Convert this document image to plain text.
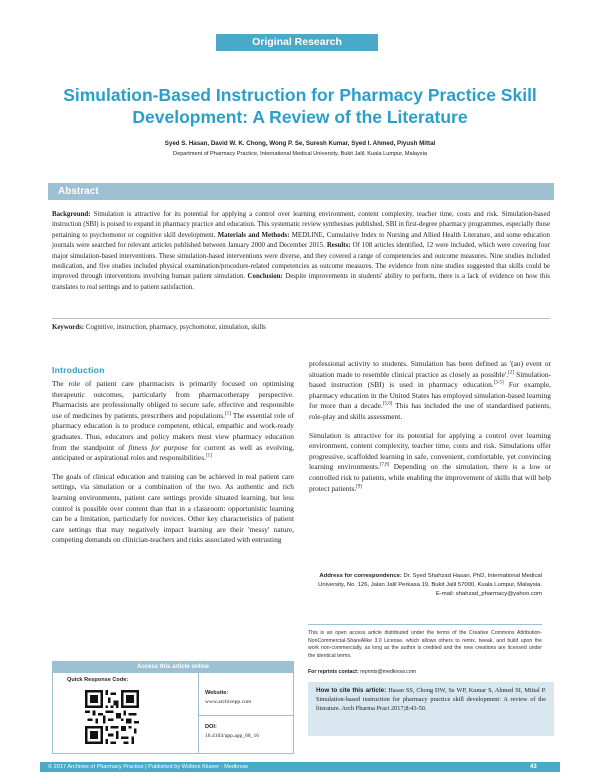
Original Research
Simulation-Based Instruction for Pharmacy Practice Skill Development: A Review of the Literature
Syed S. Hasan, David W. K. Chong, Wong P. Se, Suresh Kumar, Syed I. Ahmed, Piyush Mittal
Department of Pharmacy Practice, International Medical University, Bukit Jalil, Kuala Lumpur, Malaysia
Abstract
Background: Simulation is attractive for its potential for applying a control over learning environment, content complexity, teacher time, costs and risk. Simulation-based instruction (SBI) is poised to expand in pharmacy practice and education. This systematic review synthesises published, SBI in first-degree pharmacy programmes, especially those pertaining to psychomotor or cognitive skill development. Materials and Methods: MEDLINE, Cumulative Index to Nursing and Allied Health Literature, and some education journals were searched for relevant articles published between January 2000 and December 2015. Results: Of 108 articles identified, 12 were included, which were covering four major simulation-based interventions. These simulation-based interventions were diverse, and they covered a range of competencies and outcome measures. Nine studies included medication, and five studies included physical examination/procedure-related competencies as outcome measures. The evidence from nine studies suggested that skills could be improved through interventions involving human patient simulation. Conclusion: Despite improvements in students' ability to perform, there is a lack of evidence on how this translates to real settings and to patient satisfaction.
Keywords: Cognitive, instruction, pharmacy, psychomotor, simulation, skills
Introduction

The role of patient care pharmacists is primarily focused on optimising therapeutic outcomes, particularly from pharmacotherapy perspective. Pharmacists are professionally obliged to secure safe, effective and responsible use of medicines by patients, prescribers and populations.[1] The essential role of pharmacy education is to produce competent, ethical, empathic and work-ready graduates. Thus, educators and policy makers must view pharmacy education from the standpoint of fitness for purpose for current as well as evolving, anticipated or aspirational roles and responsibilities.[1]

The goals of clinical education and training can be achieved in real patient care settings, via simulation or a combination of the two. As authentic and rich learning environments, patient care settings provide situated learning, but less control is possible over content than that in a classroom: opportunistic learning can be a limitation, particularly for novices. Other key characteristics of patient care settings that may negatively impact learning are their 'messy' nature, competing demands on clinician-teachers and risks associated with entrusting

professional activity to students. Simulation has been defined as '(an) event or situation made to resemble clinical practice as closely as possible'.[2] Simulation-based instruction (SBI) is used in pharmacy education.[3-5] For example, pharmacy education in the United States has employed simulation-based learning for more than a decade.[5,6] This has included the use of standardised patients, role-play and skills assessment.

Simulation is attractive for its potential for applying a control over learning environment, content complexity, teacher time, costs and risk. Simulations offer progressive, scaffolded learning in safe, convenient, comfortable, yet convincing learning environments.[7,8] Depending on the simulation, there is a low or controlled risk to patients, while enabling the improvement of skills that will help protect patients.[9]

Address for correspondence: Dr. Syed Shahzad Hasan, PhD, International Medical University, No. 126, Jalan Jalil Perkasa 19, Bukit Jalil 57000, Kuala Lumpur, Malaysia.
E-mail: shahzad_pharmacy@yahoo.com
This is an open access article distributed under the terms of the Creative Commons Attribution-NonCommercial-ShareAlike 3.0 License, which allows others to remix, tweak, and build upon the work non-commercially, as long as the author is credited and the new creations are licensed under the identical terms.
For reprints contact: reprints@medknow.com
How to cite this article: Hasan SS, Chong DW, Se WP, Kumar S, Ahmed SI, Mittal P. Simulation-based instruction for pharmacy practice skill development: A review of the literature. Arch Pharma Pract 2017;8:43-50.
Access this article online
Quick Response Code:
Website:
www.archivepp.com
DOI:
10.4103/app.app_68_16
© 2017 Archives of Pharmacy Practice | Published by Wolters Kluwer - Medknow	43
